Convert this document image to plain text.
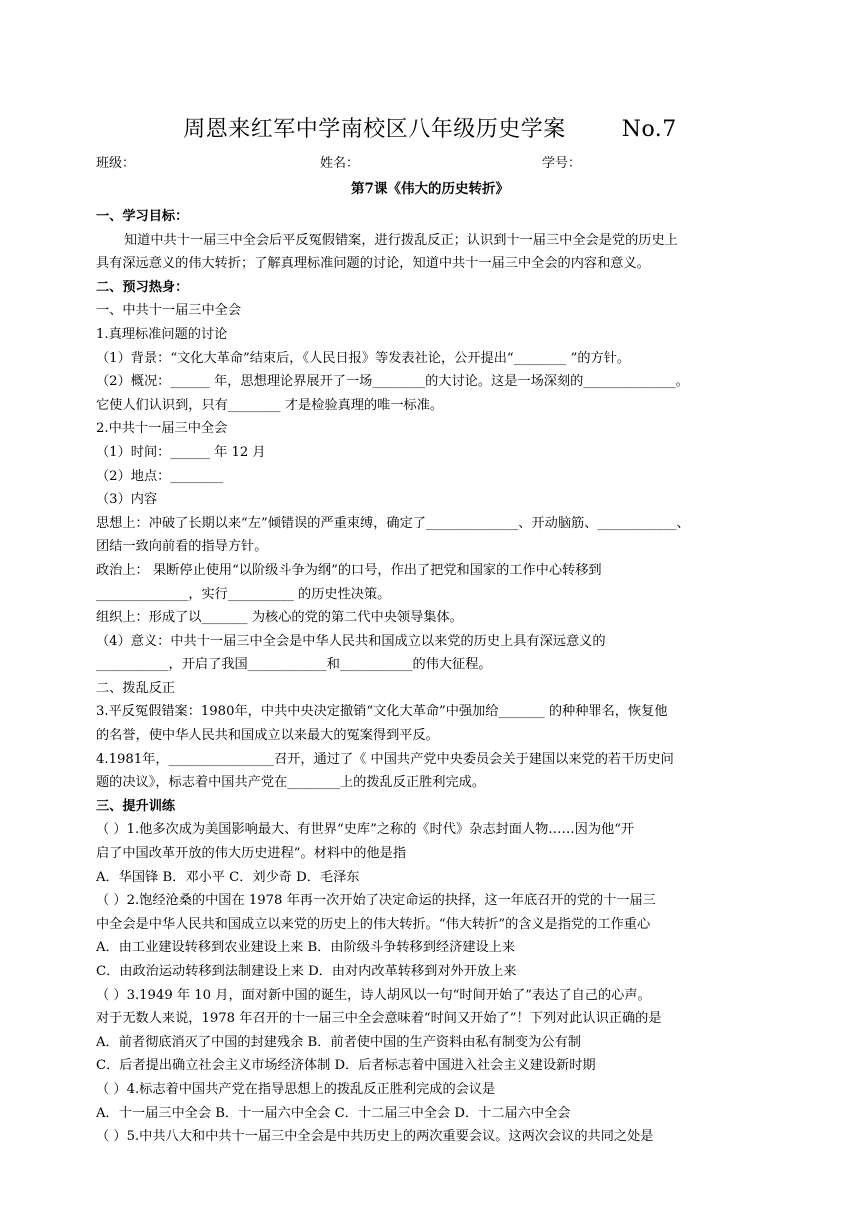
周恩来红军中学南校区八年级历史学案	No.7
班级：	姓名：	学号：
第7课《伟大的历史转折》

一、学习目标：

知道中共十一届三中全会后平反冤假错案，进行拨乱反正；认识到十一届三中全会是党的历史上

具有深远意义的伟大转折；了解真理标准问题的讨论，知道中共十一届三中全会的内容和意义。

二、预习热身：

一、中共十一届三中全会

1.真理标准问题的讨论

（1）背景：“文化大革命”结束后，《人民日报》等发表社论，公开提出“________ ”的方针。

（2）概况：______ 年，思想理论界展开了一场________的大讨论。这是一场深刻的______________。

它使人们认识到，只有________ 才是检验真理的唯一标准。

2.中共十一届三中全会

（1）时间：______ 年 12 月

（2）地点：________

（3）内容

思想上：冲破了长期以来“左”倾错误的严重束缚，确定了______________、开动脑筋、____________、

团结一致向前看的指导方针。

政治上： 果断停止使用“以阶级斗争为纲”的口号，作出了把党和国家的工作中心转移到

______________，实行__________ 的历史性决策。

组织上：形成了以_______ 为核心的党的第二代中央领导集体。

（4）意义：中共十一届三中全会是中华人民共和国成立以来党的历史上具有深远意义的

___________，开启了我国____________和___________的伟大征程。

二、拨乱反正

3.平反冤假错案：1980年，中共中央决定撤销“文化大革命”中强加给_______ 的种种罪名，恢复他

的名誉，使中华人民共和国成立以来最大的冤案得到平反。

4.1981年，________________召开，通过了《 中国共产党中央委员会关于建国以来党的若干历史问

题的决议》，标志着中国共产党在________上的拨乱反正胜利完成。

三、提升训练

（ ）1.他多次成为美国影响最大、有世界“史库”之称的《时代》杂志封面人物……因为他“开

启了中国改革开放的伟大历史进程”。材料中的他是指

A．华国锋 B．邓小平 C．刘少奇 D．毛泽东

（ ）2.饱经沧桑的中国在 1978 年再一次开始了决定命运的抉择，这一年底召开的党的十一届三

中全会是中华人民共和国成立以来党的历史上的伟大转折。“伟大转折”的含义是指党的工作重心

A．由工业建设转移到农业建设上来 B．由阶级斗争转移到经济建设上来

C．由政治运动转移到法制建设上来 D．由对内改革转移到对外开放上来

（ ）3.1949 年 10 月，面对新中国的诞生，诗人胡风以一句“时间开始了”表达了自己的心声。

对于无数人来说，1978 年召开的十一届三中全会意味着“时间又开始了”！下列对此认识正确的是

A．前者彻底消灭了中国的封建残余 B．前者使中国的生产资料由私有制变为公有制

C．后者提出确立社会主义市场经济体制 D．后者标志着中国进入社会主义建设新时期

（ ）4.标志着中国共产党在指导思想上的拨乱反正胜利完成的会议是

A．十一届三中全会 B．十一届六中全会 C．十二届三中全会 D．十二届六中全会

（ ）5.中共八大和中共十一届三中全会是中共历史上的两次重要会议。这两次会议的共同之处是
